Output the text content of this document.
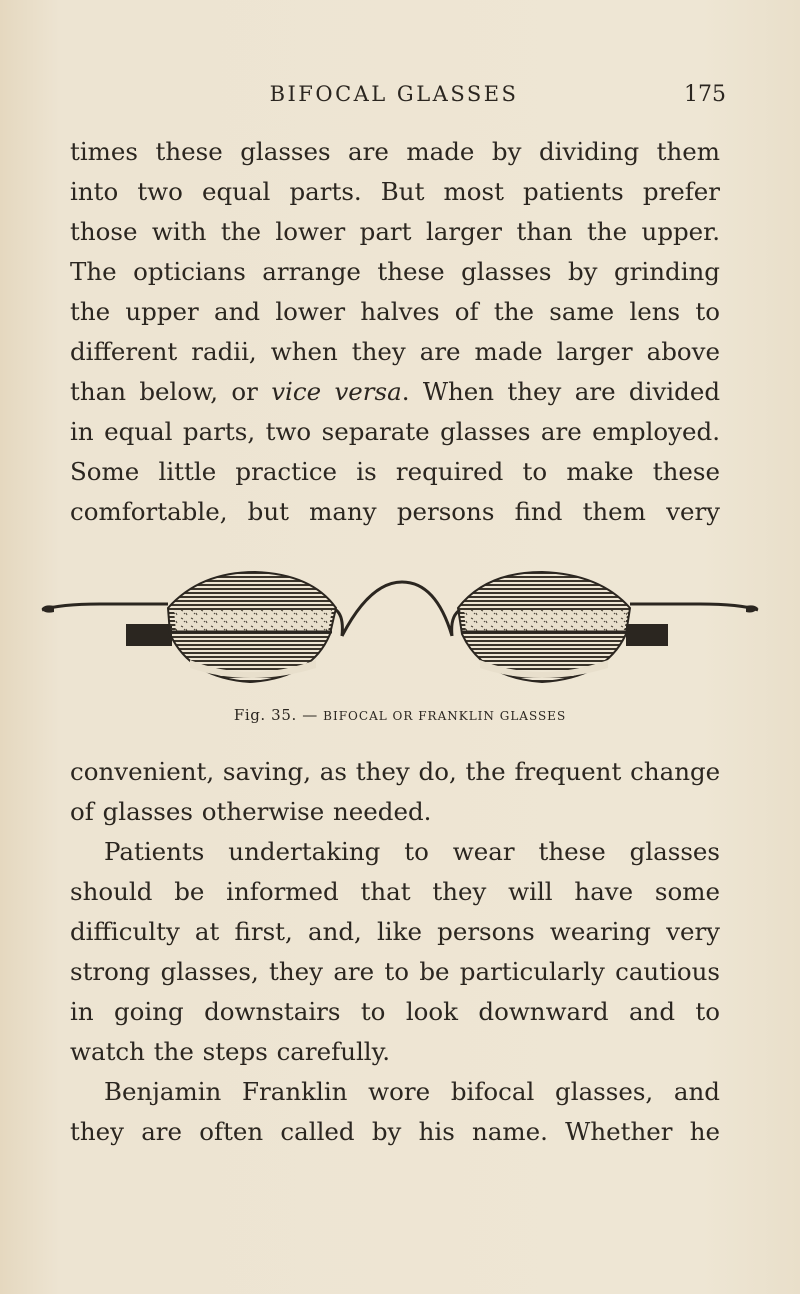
BIFOCAL GLASSES	175
times these glasses are made by dividing them
into two equal parts. But most patients prefer
those with the lower part larger than the upper.
The opticians arrange these glasses by grinding
the upper and lower halves of the same lens to
different radii, when they are made larger above
than below, or vice versa. When they are divided
in equal parts, two separate glasses are employed.
Some little practice is required to make these
comfortable, but many persons find them very
Fig. 35. — BIFOCAL OR FRANKLIN GLASSES
convenient, saving, as they do, the frequent change
of glasses otherwise needed.
Patients undertaking to wear these glasses
should be informed that they will have some
difficulty at first, and, like persons wearing very
strong glasses, they are to be particularly cautious
in going downstairs to look downward and to
watch the steps carefully.
Benjamin Franklin wore bifocal glasses, and
they are often called by his name. Whether he
